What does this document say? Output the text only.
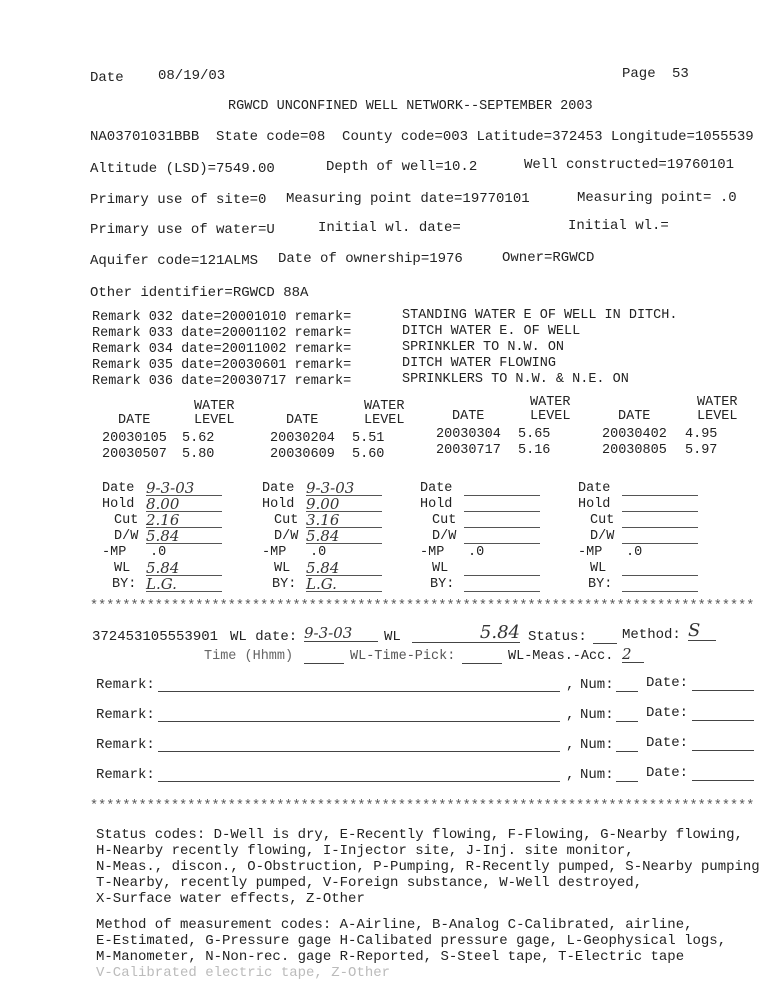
Date 08/19/03	Page 53
RGWCD UNCONFINED WELL NETWORK--SEPTEMBER 2003
NA03701031BBB  State code=08  County code=003 Latitude=372453 Longitude=1055539
Altitude (LSD)=7549.00	Depth of well=10.2	Well constructed=19760101
Primary use of site=0 Measuring point date=19770101	Measuring point= .0
Primary use of water=U	Initial wl. date=	Initial wl.=
Aquifer code=121ALMS Date of ownership=1976	Owner=RGWCD
Other identifier=RGWCD 88A
Remark 032 date=20001010 remark=	STANDING WATER E OF WELL IN DITCH.
Remark 033 date=20001102 remark=	DITCH WATER E. OF WELL
Remark 034 date=20011002 remark=	SPRINKLER TO N.W. ON
Remark 035 date=20030601 remark=	DITCH WATER FLOWING
Remark 036 date=20030717 remark=	SPRINKLERS TO N.W. & N.E. ON
DATE
WATER
LEVEL
20030105 5.62
20030507 5.80
DATE
WATER
LEVEL
20030204 5.51
20030609 5.60
DATE
WATER
LEVEL
20030304 5.65
20030717 5.16
DATE
WATER
LEVEL
20030402 4.95
20030805 5.97
Date 9-3-03
Hold 8.00
Cut 2.16
D/W 5.84
-MP .0
WL 5.84
BY: L.G.
Date 9-3-03
Hold 9.00
Cut 3.16
D/W 5.84
-MP .0
WL 5.84
BY: L.G.
Date
Hold
Cut
D/W
-MP .0
WL
BY:
Date
Hold
Cut
D/W
-MP .0
WL
BY:
**********************************************************************************
372453105553901 WL date: 9-3-03	WL	5.84 Status:	Method: S
Time (Hhmm)	WL-Time-Pick:	WL-Meas.-Acc. 2
Remark:	, Num: Date:
Remark:	, Num: Date:
Remark:	, Num: Date:
Remark:	, Num: Date:
**********************************************************************************
Status codes: D-Well is dry, E-Recently flowing, F-Flowing, G-Nearby flowing,
H-Nearby recently flowing, I-Injector site, J-Inj. site monitor,
N-Meas., discon., O-Obstruction, P-Pumping, R-Recently pumped, S-Nearby pumping
T-Nearby, recently pumped, V-Foreign substance, W-Well destroyed,
X-Surface water effects, Z-Other
Method of measurement codes: A-Airline, B-Analog C-Calibrated, airline,
E-Estimated, G-Pressure gage H-Calibated pressure gage, L-Geophysical logs,
M-Manometer, N-Non-rec. gage R-Reported, S-Steel tape, T-Electric tape
V-Calibrated electric tape, Z-Other
